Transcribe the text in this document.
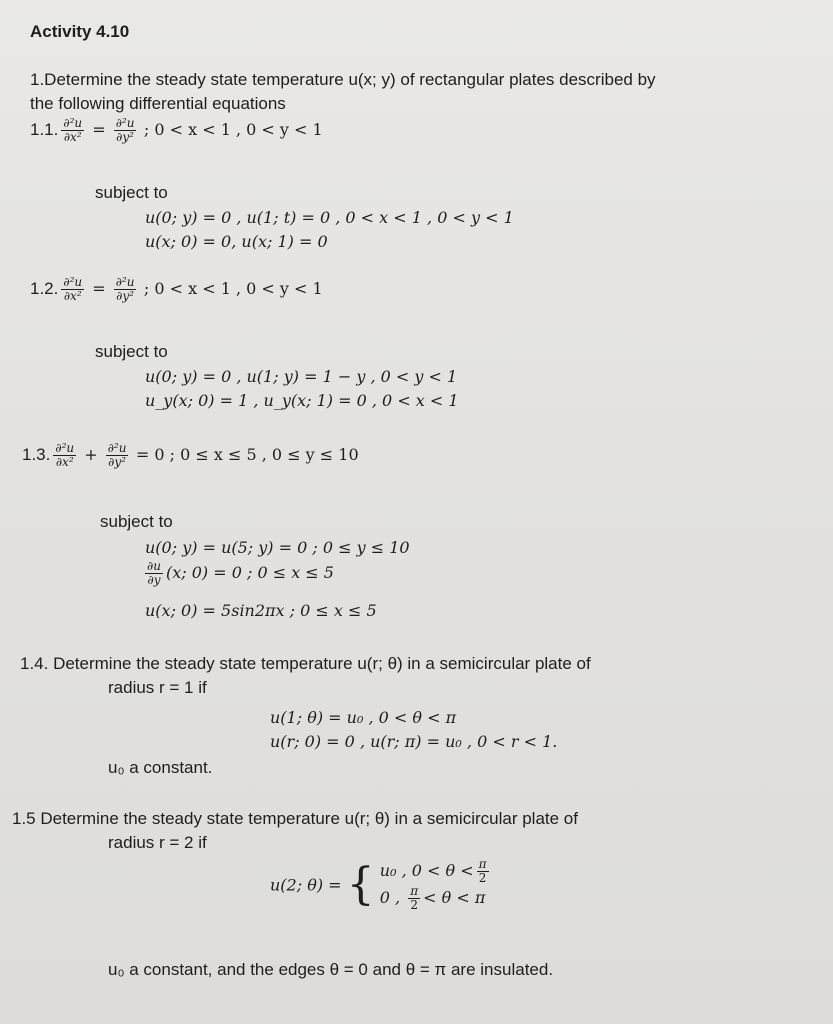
Activity 4.10
1.Determine the steady state temperature u(x; y) of rectangular plates described by
the following differential equations
1.1. $\frac{\text{∂²u}}{\text{∂x²}} = \frac{\text{∂²u}}{\text{∂y²}}$ ; 0 < x < 1 , 0 < y < 1
subject to
u(0; y) = 0 , u(1; t) = 0 , 0 < x < 1 , 0 < y < 1
u(x; 0) = 0, u(x; 1) = 0
1.2. $\frac{\text{∂²u}}{\text{∂x²}} = \frac{\text{∂²u}}{\text{∂y²}}$ ; 0 < x < 1 , 0 < y < 1
subject to
u(0; y) = 0 , u(1; y) = 1 − y , 0 < y < 1
u_y(x; 0) = 1 , u_y(x; 1) = 0 , 0 < x < 1
1.3. $\frac{\text{∂²u}}{\text{∂x²}} + \frac{\text{∂²u}}{\text{∂y²}} = 0$ ; 0 ≤ x ≤ 5 , 0 ≤ y ≤ 10
subject to
u(0; y) = u(5; y) = 0 ; 0 ≤ y ≤ 10
$\frac{\partial u}{\partial y} (x$; 0) = 0 ; 0 ≤ x ≤ 5
u(x; 0) = 5sin2πx ; 0 ≤ x ≤ 5
1.4. Determine the steady state temperature u(r; θ) in a semicircular plate of
radius r = 1 if
u(1; θ) = u₀ , 0 < θ < π
u(r; 0) = 0 , u(r; π) = u₀ , 0 < r < 1.
u₀ a constant.
1.5 Determine the steady state temperature u(r; θ) in a semicircular plate of
radius r = 2 if
u(2; θ) = { u₀ , $0 < \theta < \frac{\pi}{2}$
0 , $\frac{\pi}{2} < \theta < \pi$
u₀ a constant, and the edges θ = 0 and θ = π are insulated.
